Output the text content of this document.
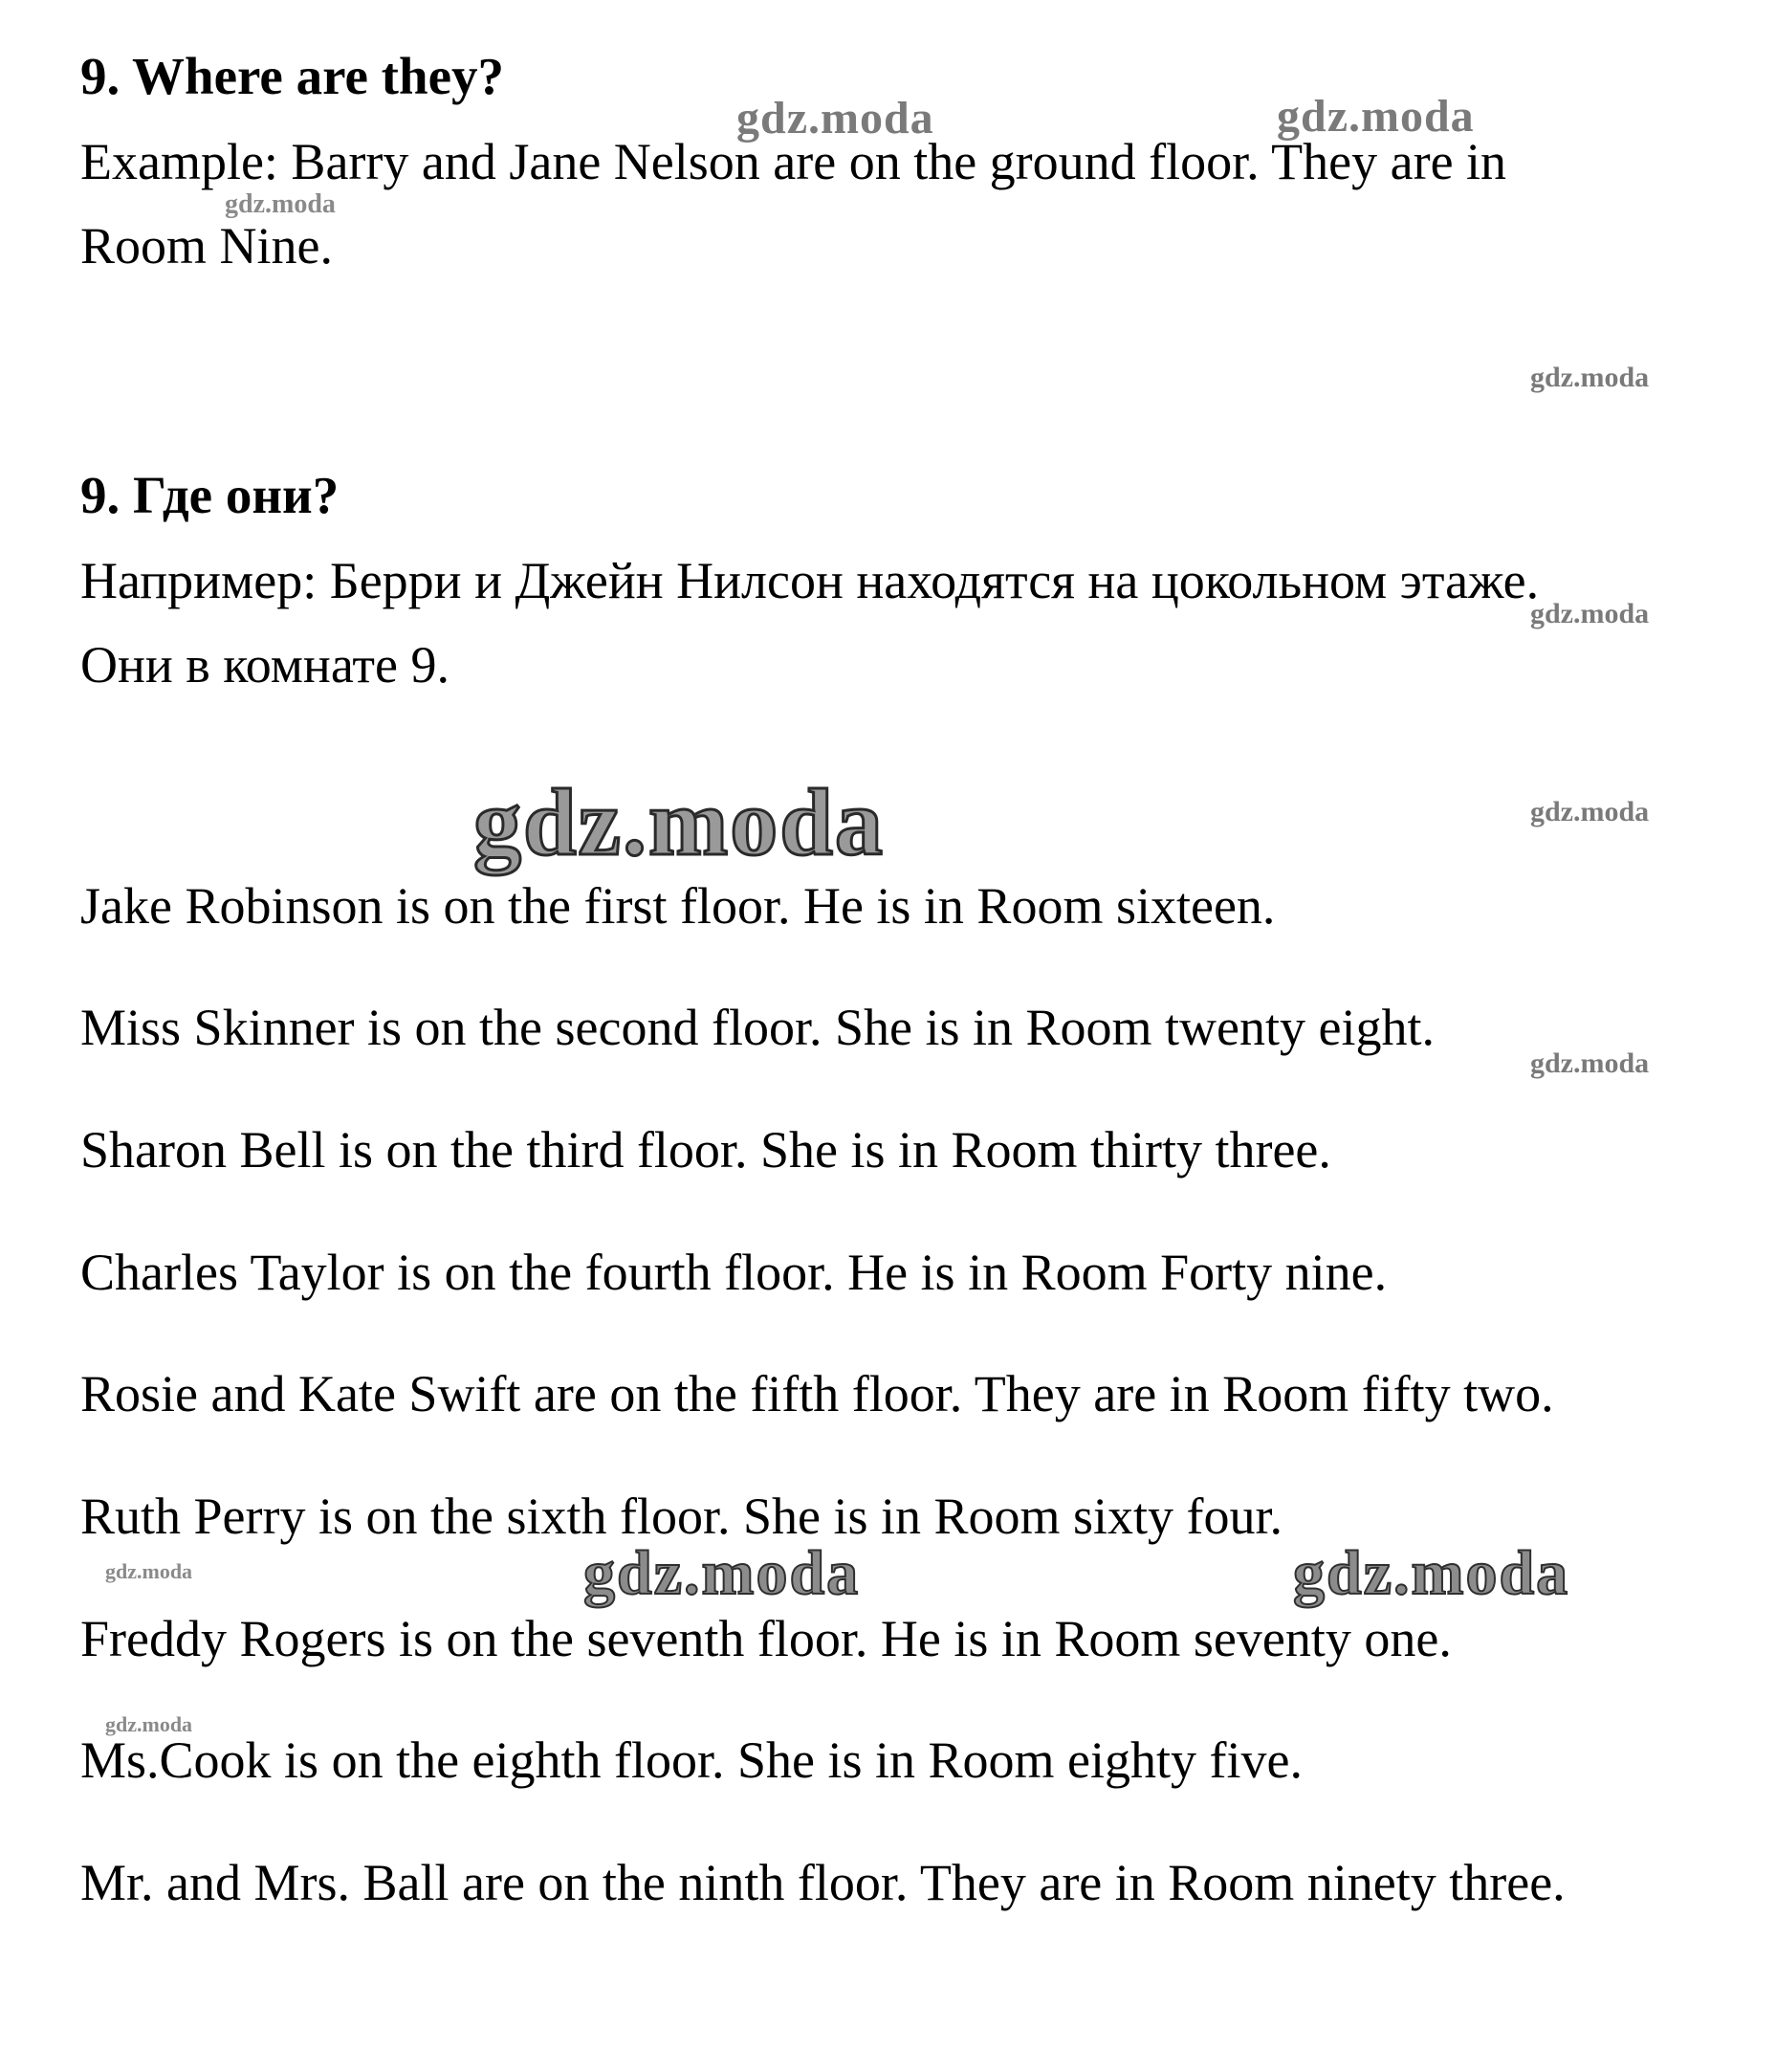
9. Where are they?

Example: Barry and Jane Nelson are on the ground floor. They are in

Room Nine.

9. Где они?

Например: Берри и Джейн Нилсон находятся на цокольном этаже.

Они в комнате 9.

Jake Robinson is on the first floor. He is in Room sixteen.

Miss Skinner is on the second floor. She is in Room twenty eight.

Sharon Bell is on the third floor. She is in Room thirty three.

Charles Taylor is on the fourth floor. He is in Room Forty nine.

Rosie and Kate Swift are on the fifth floor. They are in Room fifty two.

Ruth Perry is on the sixth floor. She is in Room sixty four.

Freddy Rogers is on the seventh floor. He is in Room seventy one.

Ms.Cook is on the eighth floor. She is in Room eighty five.

Mr. and Mrs. Ball are on the ninth floor. They are in Room ninety three.

gdz.moda	gdz.moda
gdz.moda
gdz.moda
gdz.moda
gdz.moda	gdz.moda
gdz.moda
gdz.moda	gdz.moda	gdz.moda
gdz.moda
